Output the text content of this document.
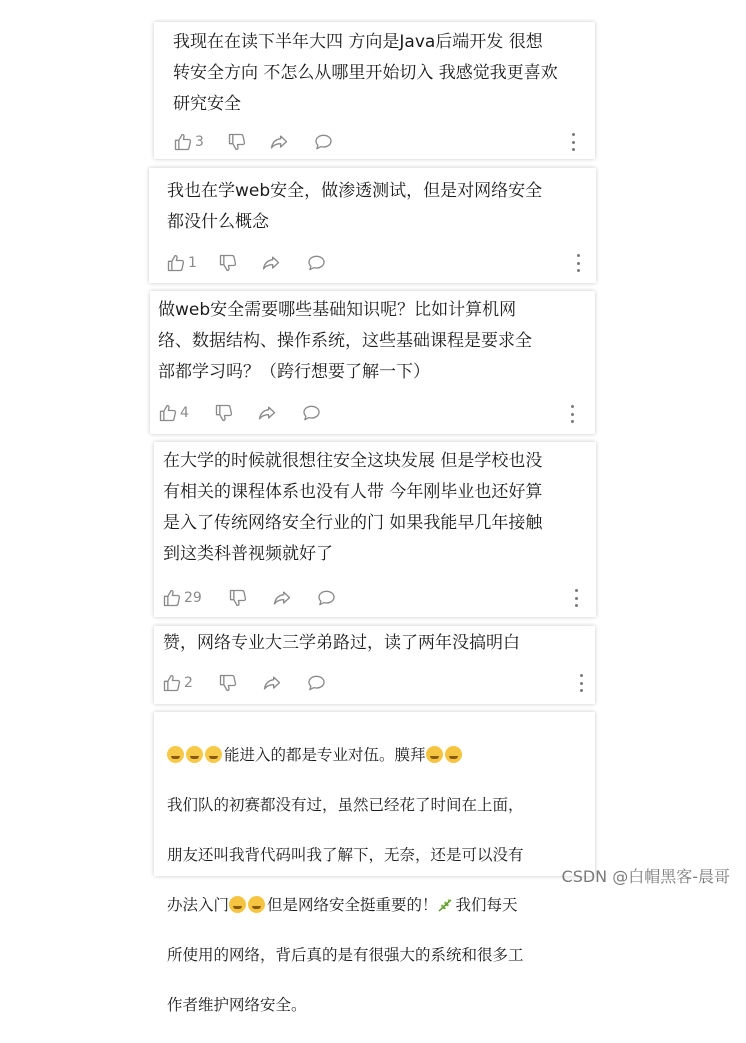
我现在在读下半年大四 方向是Java后端开发 很想
转安全方向 不怎么从哪里开始切入 我感觉我更喜欢
研究安全
3
我也在学web安全，做渗透测试，但是对网络安全
都没什么概念
1
做web安全需要哪些基础知识呢？比如计算机网
络、数据结构、操作系统，这些基础课程是要求全
部都学习吗？（跨行想要了解一下）
4
在大学的时候就很想往安全这块发展 但是学校也没
有相关的课程体系也没有人带 今年刚毕业也还好算
是入了传统网络安全行业的门 如果我能早几年接触
到这类科普视频就好了
29
赞，网络专业大三学弟路过，读了两年没搞明白
2

能进入的都是专业对伍。膜拜

我们队的初赛都没有过，虽然已经花了时间在上面，

朋友还叫我背代码叫我了解下，无奈，还是可以没有

办法入门 但是网络安全挺重要的！ 我们每天

所使用的网络，背后真的是有很强大的系统和很多工

作者维护网络安全。

CSDN @白帽黑客-晨哥
